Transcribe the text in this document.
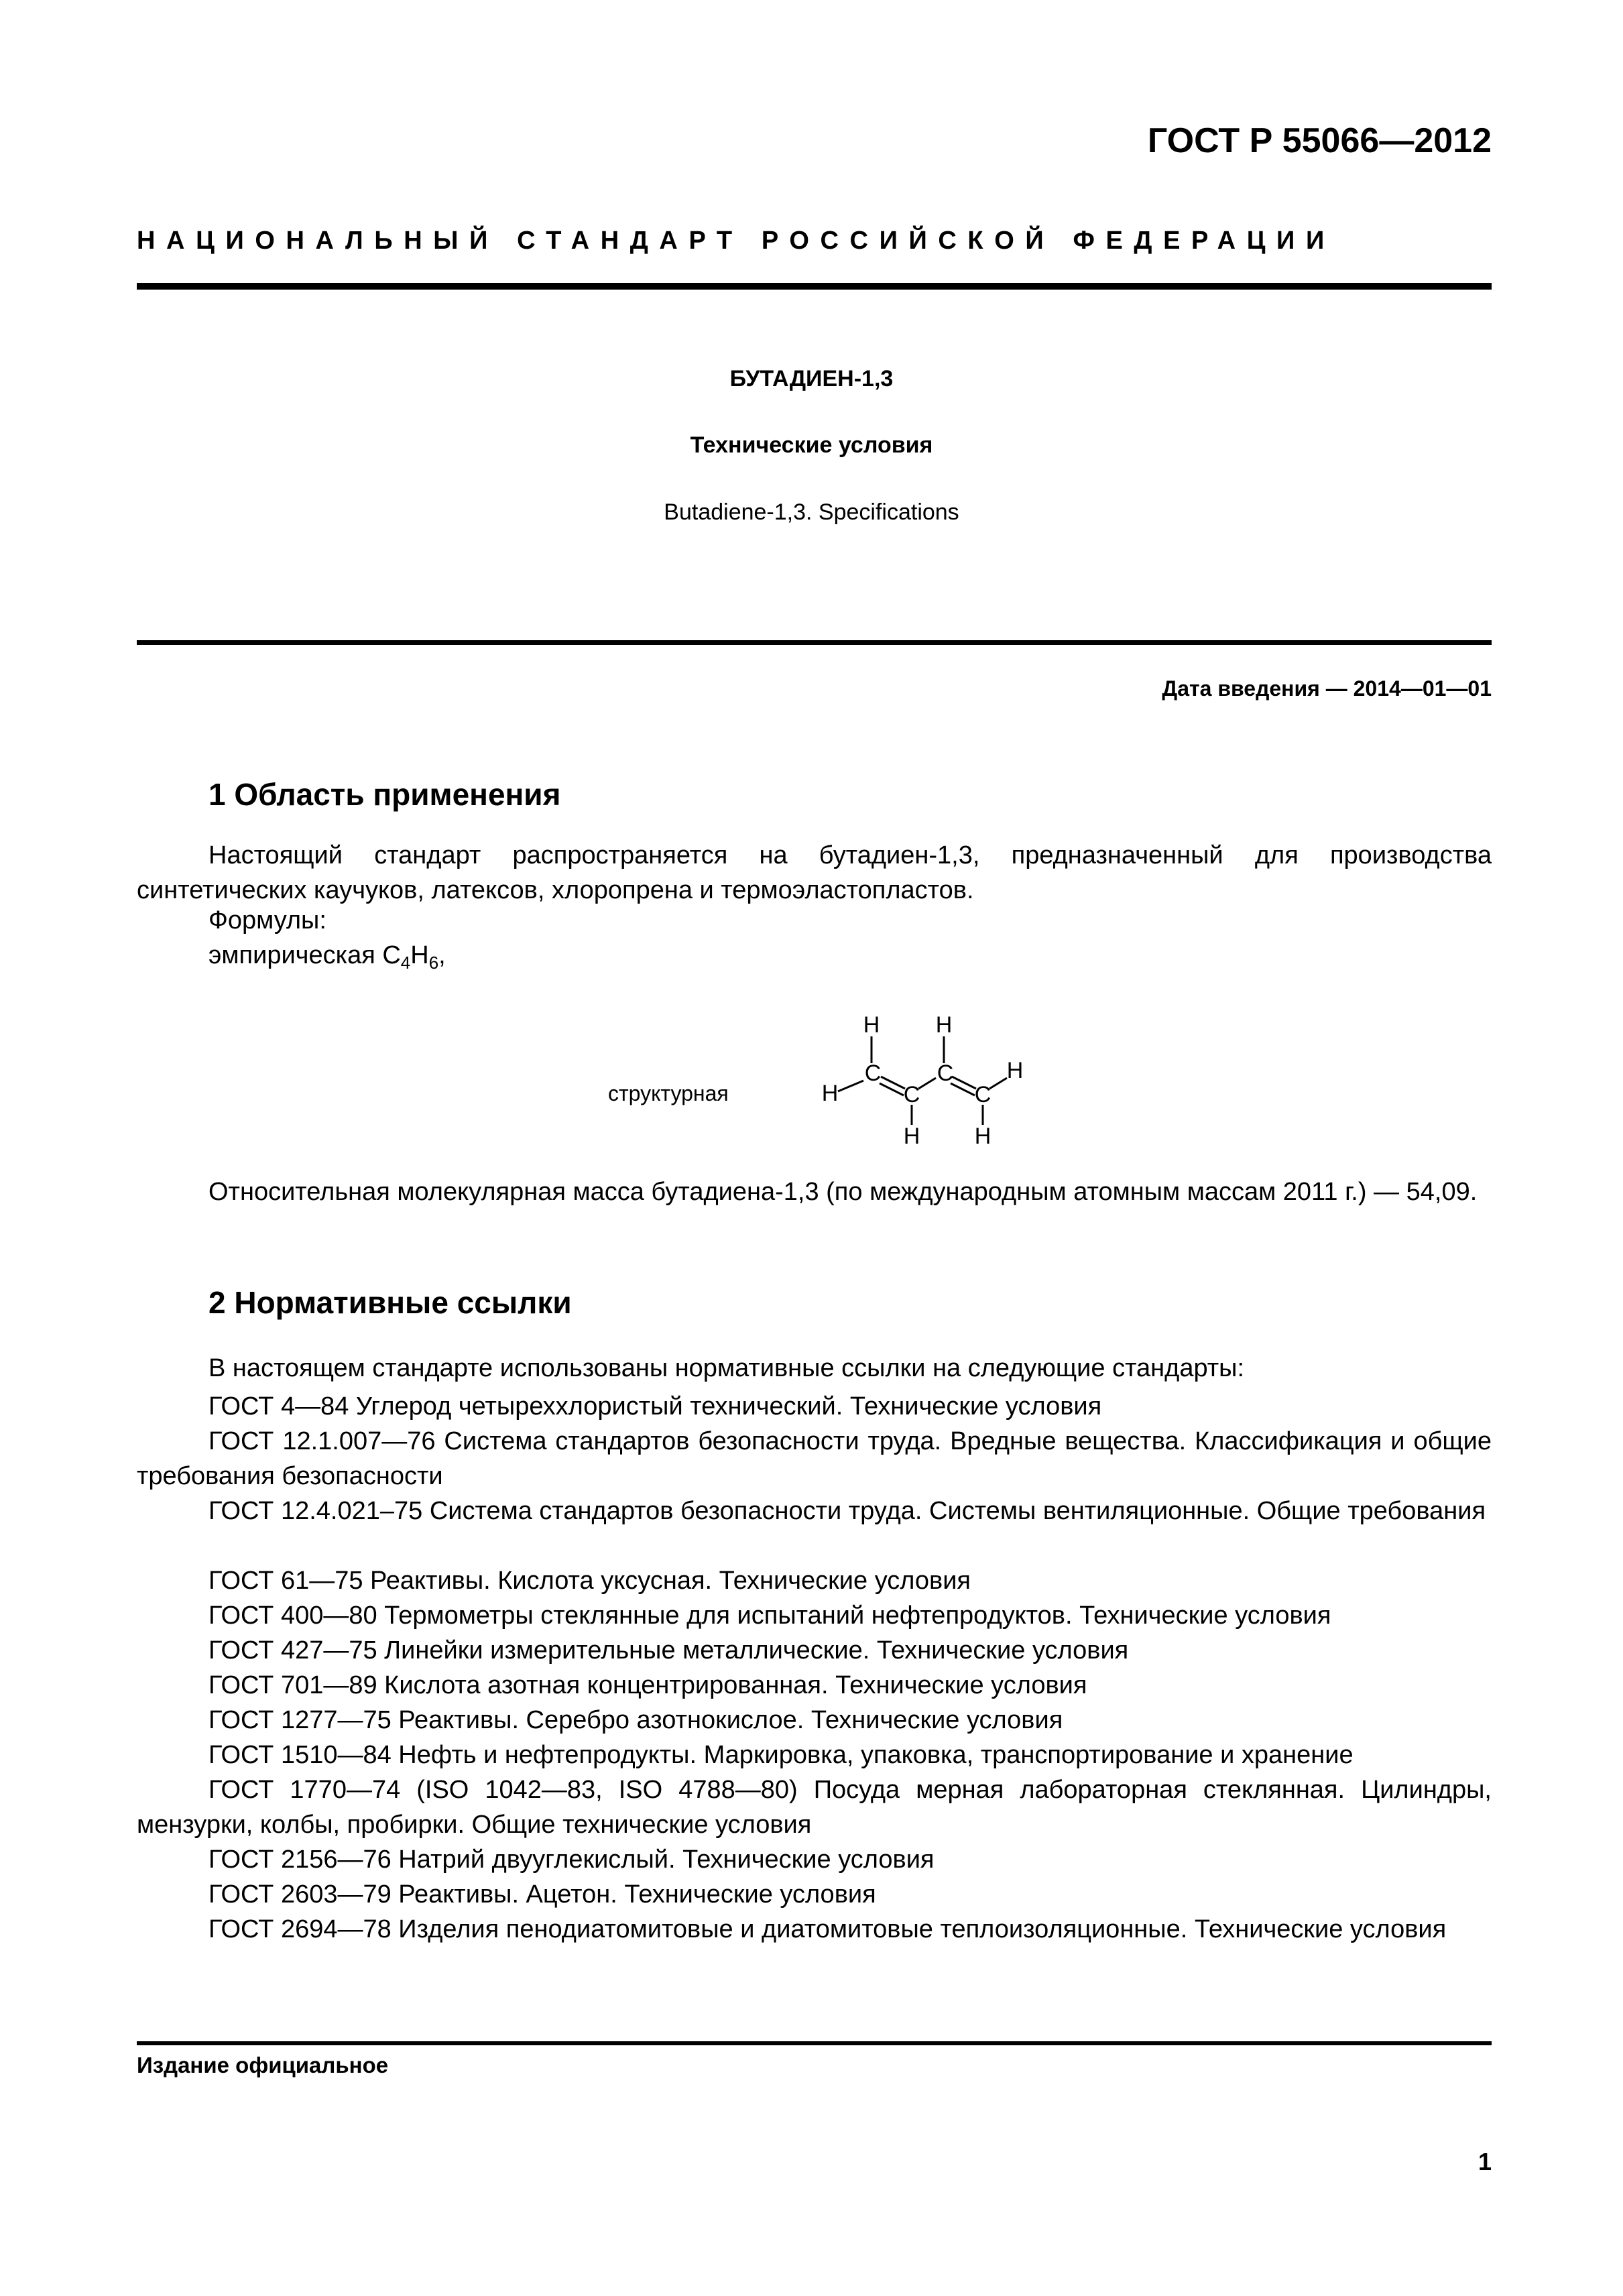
ГОСТ Р 55066—2012
НАЦИОНАЛЬНЫЙ СТАНДАРТ РОССИЙСКОЙ ФЕДЕРАЦИИ
БУТАДИЕН-1,3
Технические условия
Butadiene-1,3. Specifications
Дата введения — 2014—01—01
1 Область применения
Настоящий стандарт распространяется на бутадиен-1,3, предназначенный для производства синтетических каучуков, латексов, хлоропрена и термоэластопластов.
Формулы:
эмпирическая $C_4H_6$,
структурная
H H
C C
H	C C
H
H H
Относительная молекулярная масса бутадиена-1,3 (по международным атомным массам 2011 г.) — 54,09.
2 Нормативные ссылки
В настоящем стандарте использованы нормативные ссылки на следующие стандарты:
ГОСТ 4—84 Углерод четыреххлористый технический. Технические условия
ГОСТ 12.1.007—76 Система стандартов безопасности труда. Вредные вещества. Классификация и общие требования безопасности
ГОСТ 12.4.021–75 Система стандартов безопасности труда. Системы вентиляционные. Общие требования
ГОСТ 61—75 Реактивы. Кислота уксусная. Технические условия
ГОСТ 400—80 Термометры стеклянные для испытаний нефтепродуктов. Технические условия
ГОСТ 427—75 Линейки измерительные металлические. Технические условия
ГОСТ 701—89 Кислота азотная концентрированная. Технические условия
ГОСТ 1277—75 Реактивы. Серебро азотнокислое. Технические условия
ГОСТ 1510—84 Нефть и нефтепродукты. Маркировка, упаковка, транспортирование и хранение
ГОСТ 1770—74 (ISO 1042—83, ISO 4788—80) Посуда мерная лабораторная стеклянная. Цилиндры, мензурки, колбы, пробирки. Общие технические условия
ГОСТ 2156—76 Натрий двууглекислый. Технические условия
ГОСТ 2603—79 Реактивы. Ацетон. Технические условия
ГОСТ 2694—78 Изделия пенодиатомитовые и диатомитовые теплоизоляционные. Технические условия
Издание официальное
1
